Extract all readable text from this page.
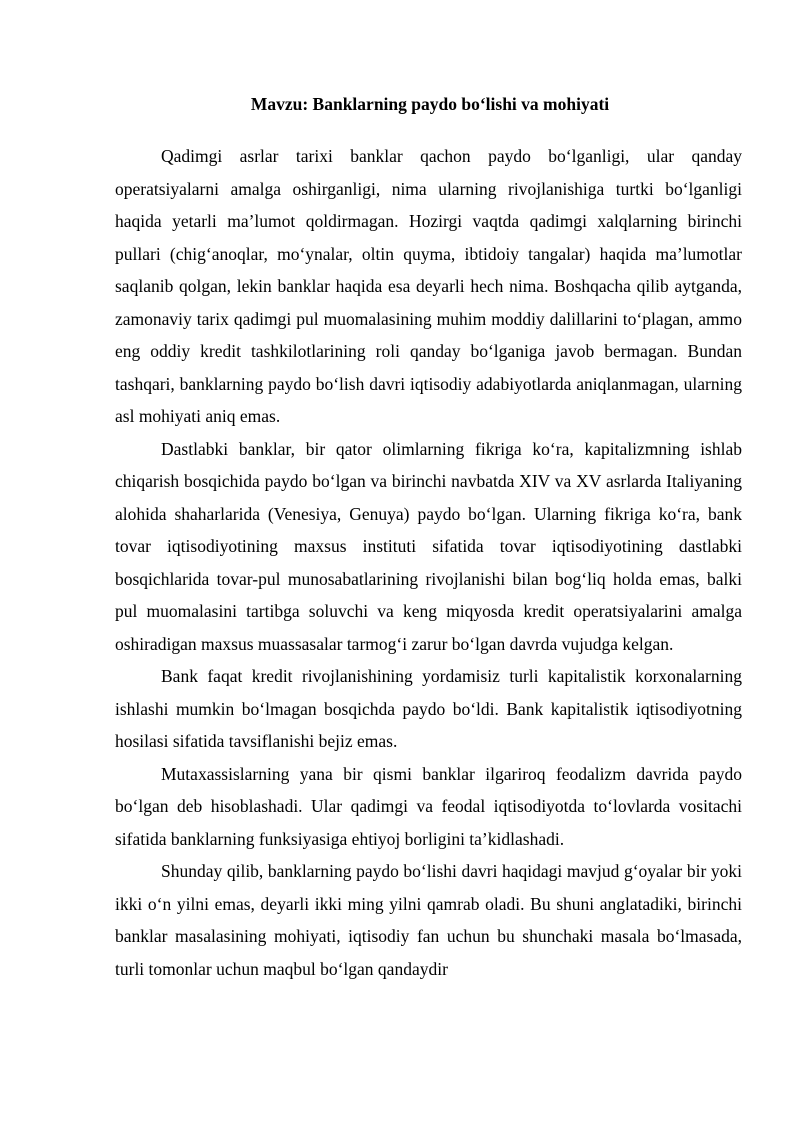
Mavzu: Banklarning paydo bo‘lishi va mohiyati

Qadimgi asrlar tarixi banklar qachon paydo bo‘lganligi, ular qanday operatsiyalarni amalga oshirganligi, nima ularning rivojlanishiga turtki bo‘lganligi haqida yetarli ma’lumot qoldirmagan. Hozirgi vaqtda qadimgi xalqlarning birinchi pullari (chig‘anoqlar, mo‘ynalar, oltin quyma, ibtidoiy tangalar) haqida ma’lumotlar saqlanib qolgan, lekin banklar haqida esa deyarli hech nima. Boshqacha qilib aytganda, zamonaviy tarix qadimgi pul muomalasining muhim moddiy dalillarini to‘plagan, ammo eng oddiy kredit tashkilotlarining roli qanday bo‘lganiga javob bermagan. Bundan tashqari, banklarning paydo bo‘lish davri iqtisodiy adabiyotlarda aniqlanmagan, ularning asl mohiyati aniq emas.

Dastlabki banklar, bir qator olimlarning fikriga ko‘ra, kapitalizmning ishlab chiqarish bosqichida paydo bo‘lgan va birinchi navbatda XIV va XV asrlarda Italiyaning alohida shaharlarida (Venesiya, Genuya) paydo bo‘lgan. Ularning fikriga ko‘ra, bank tovar iqtisodiyotining maxsus instituti sifatida tovar iqtisodiyotining dastlabki bosqichlarida tovar-pul munosabatlarining rivojlanishi bilan bog‘liq holda emas, balki pul muomalasini tartibga soluvchi va keng miqyosda kredit operatsiyalarini amalga oshiradigan maxsus muassasalar tarmog‘i zarur bo‘lgan davrda vujudga kelgan.

Bank faqat kredit rivojlanishining yordamisiz turli kapitalistik korxonalarning ishlashi mumkin bo‘lmagan bosqichda paydo bo‘ldi. Bank kapitalistik iqtisodiyotning hosilasi sifatida tavsiflanishi bejiz emas.

Mutaxassislarning yana bir qismi banklar ilgariroq feodalizm davrida paydo bo‘lgan deb hisoblashadi. Ular qadimgi va feodal iqtisodiyotda to‘lovlarda vositachi sifatida banklarning funksiyasiga ehtiyoj borligini ta’kidlashadi.

Shunday qilib, banklarning paydo bo‘lishi davri haqidagi mavjud g‘oyalar bir yoki ikki o‘n yilni emas, deyarli ikki ming yilni qamrab oladi. Bu shuni anglatadiki, birinchi banklar masalasining mohiyati, iqtisodiy fan uchun bu shunchaki masala bo‘lmasada, turli tomonlar uchun maqbul bo‘lgan qandaydir
